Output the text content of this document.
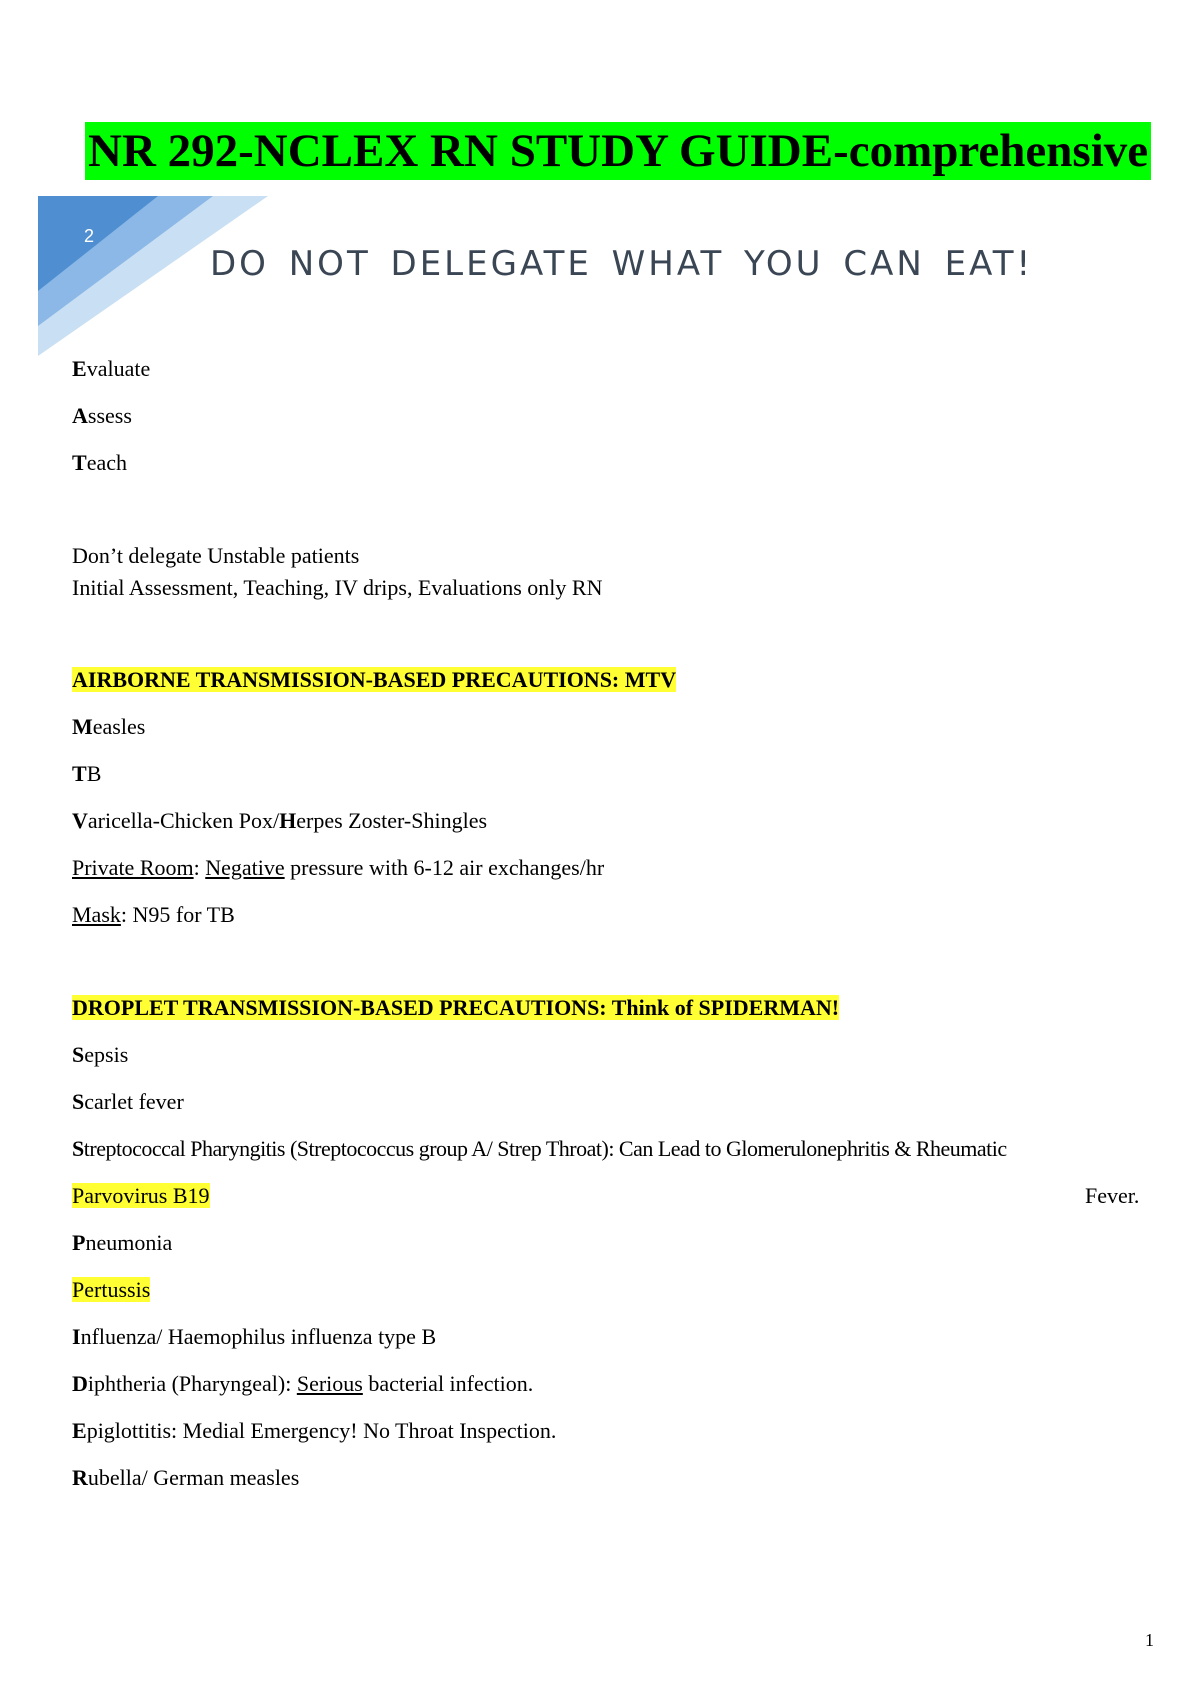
NR 292-NCLEX RN STUDY GUIDE-comprehensive
2
DO NOT DELEGATE WHAT YOU CAN EAT!
Evaluate
Assess
Teach
Don’t delegate Unstable patients
Initial Assessment, Teaching, IV drips, Evaluations only RN
AIRBORNE TRANSMISSION-BASED PRECAUTIONS: MTV
Measles
TB
Varicella-Chicken Pox/Herpes Zoster-Shingles
Private Room: Negative pressure with 6-12 air exchanges/hr
Mask: N95 for TB
DROPLET TRANSMISSION-BASED PRECAUTIONS: Think of SPIDERMAN!
Sepsis
Scarlet fever
Streptococcal Pharyngitis (Streptococcus group A/ Strep Throat): Can Lead to Glomerulonephritis & Rheumatic
Parvovirus B19	Fever.
Pneumonia
Pertussis
Influenza/ Haemophilus influenza type B
Diphtheria (Pharyngeal): Serious bacterial infection.
Epiglottitis: Medial Emergency! No Throat Inspection.
Rubella/ German measles
1
